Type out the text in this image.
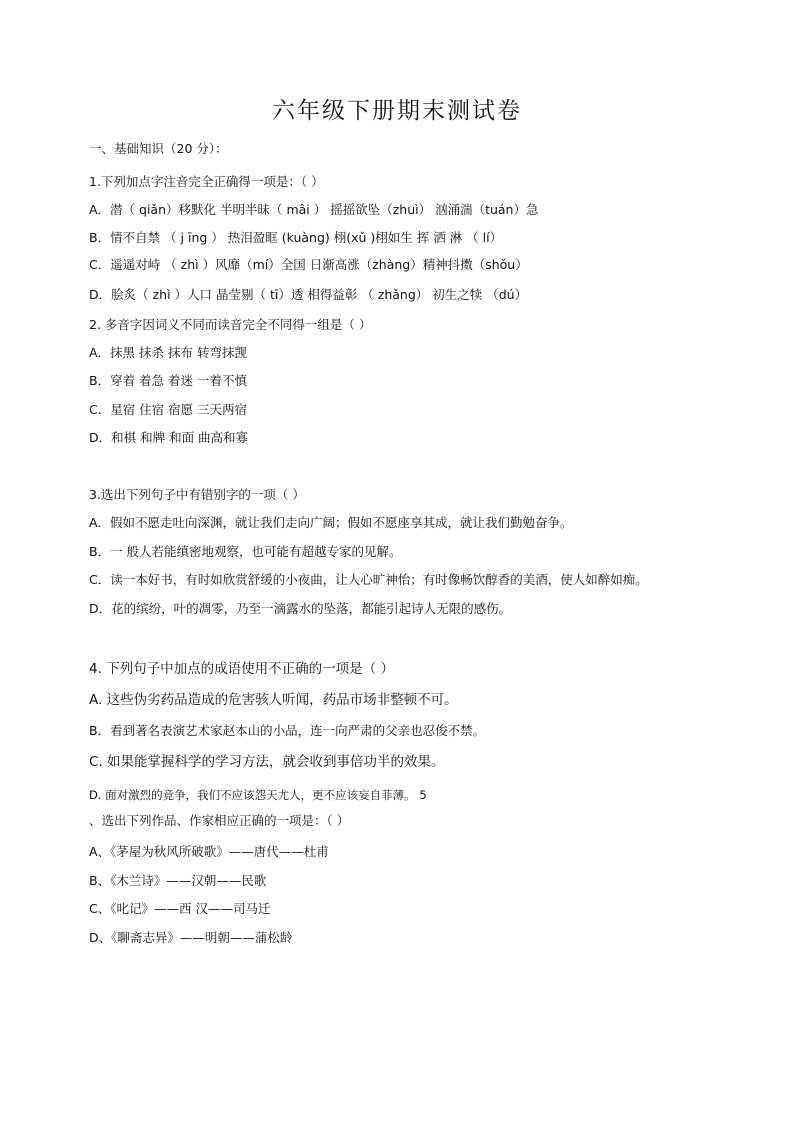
六年级下册期末测试卷
一、基础知识（20 分）：
1.下列加点字注音完全正确得一项是：（ ）
A．潜（ qiǎn）移默化 半明半昧（ mâi ） 摇摇欲坠（zhuì） 汹涌湍（tuán）急
B．情不自禁 （ j īng ） 热泪盈眶 (kuàng) 栩(xǔ )栩如生 挥 洒 淋 （ lí）
C．遥遥对峙 （ zhì ）风靡（mí）全国 日渐高涨（zhàng）精神抖擞（shǒu）
D．脍炙（ zhì ）人口 晶莹剔（ tī）透 相得益彰 （ zhǎng） 初生之犊 （dú）
2. 多音字因词义不同而读音完全不同得一组是（ ）
A．抹黑 抹杀 抹布 转弯抹觊
B．穿着 着急 着迷 一着不慎
C．星宿 住宿 宿愿 三天两宿
D．和棋 和牌 和面 曲高和寡
3.选出下列句子中有错别字的一项（ ）
A．假如不愿走吐向深渊，就让我们走向广阔；假如不愿座享其成，就让我们勤勉奋争。
B．一 般人若能缜密地观察，也可能有超越专家的见解。
C．读一本好书，有时如欣赏舒缓的小夜曲，让人心旷神怡；有时像畅饮醇香的美酒，使人如醉如痴。
D．花的缤纷，叶的凋零，乃至一滴露水的坠落，都能引起诗人无限的感伤。
4. 下列句子中加点的成语使用不正确的一项是（ ）
A. 这些伪劣药品造成的危害骇人听闻，药品市场非整顿不可。
B．看到著名表演艺术家赵本山的小品，连一向严肃的父亲也忍俊不禁。
C. 如果能掌握科学的学习方法，就会收到事倍功半的效果。
D. 面对激烈的竞争，我们不应该怨天尤人，更不应该妄自菲薄。 5
、选出下列作品、作家相应正确的一项是：（ ）
A、《茅屋为秋风所破歌》——唐代——杜甫
B、《木兰诗》——汉朝——民歌
C、《叱记》——西 汉——司马迁
D、《聊斋志异》——明朝——蒲松龄
